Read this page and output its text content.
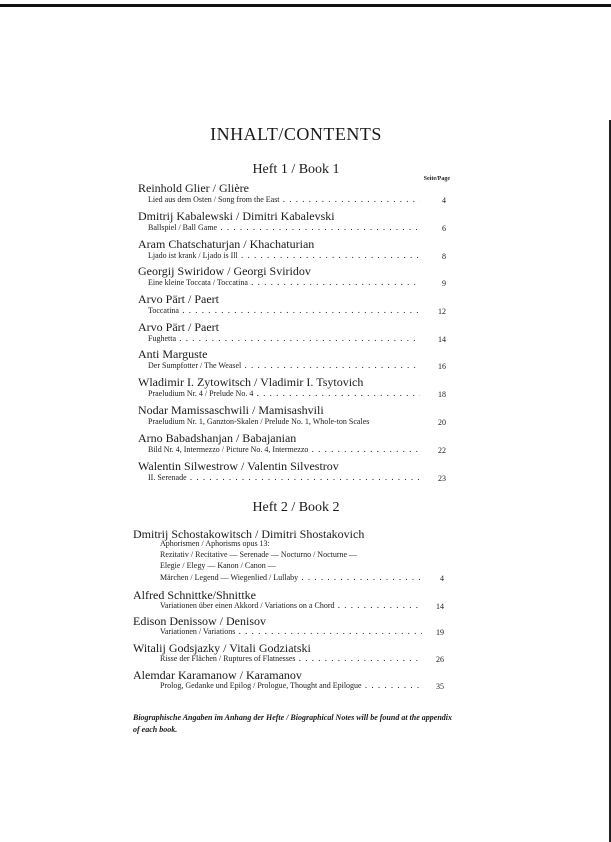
INHALT/CONTENTS
Heft 1 / Book 1
Seite/Page
Reinhold Glier / Glière
Lied aus dem Osten / Song from the East . .	4
Dmitrij Kabalewski / Dimitri Kabalevski
Ballspiel / Ball Game . .	6
Aram Chatschaturjan / Khachaturian
Ljado ist krank / Ljado is Ill . .	8
Georgij Swiridow / Georgi Sviridov
Eine kleine Toccata / Toccatina . .	9
Arvo Pärt / Paert
Toccatina . .	12
Arvo Pärt / Paert
Fughetta . .	14
Anti Marguste
Der Sumpfotter / The Weasel . .	16
Wladimir I. Zytowitsch / Vladimir I. Tsytovich
Praeludium Nr. 4 / Prelude No. 4 . .	18
Nodar Mamissaschwili / Mamisashvili
Praeludium Nr. 1, Ganzton-Skalen / Prelude No. 1, Whole-ton Scales	20
Arno Babadshanjan / Babajanian
Bild Nr. 4, Intermezzo / Picture No. 4, Intermezzo . .	22
Walentin Silwestrow / Valentin Silvestrov
II. Serenade . .	23
Heft 2 / Book 2
Dmitrij Schostakowitsch / Dimitri Shostakovich
Aphorismen / Aphorisms opus 13:
Rezitativ / Recitative — Serenade — Nocturno / Nocturne —
Elegie / Elegy — Kanon / Canon —
Märchen / Legend — Wiegenlied / Lullaby . .	4
Alfred Schnittke/Shnittke
Variationen über einen Akkord / Variations on a Chord . .	14
Edison Denissow / Denisov
Variationen / Variations . .	19
Witalij Godsjazky / Vitali Godziatski
Risse der Flächen / Ruptures of Flatnesses . .	26
Alemdar Karamanow / Karamanov
Prolog, Gedanke und Epilog / Prologue, Thought and Epilogue . .	35
Biographische Angaben im Anhang der Hefte / Biographical Notes will be found at the appendix of each book.
